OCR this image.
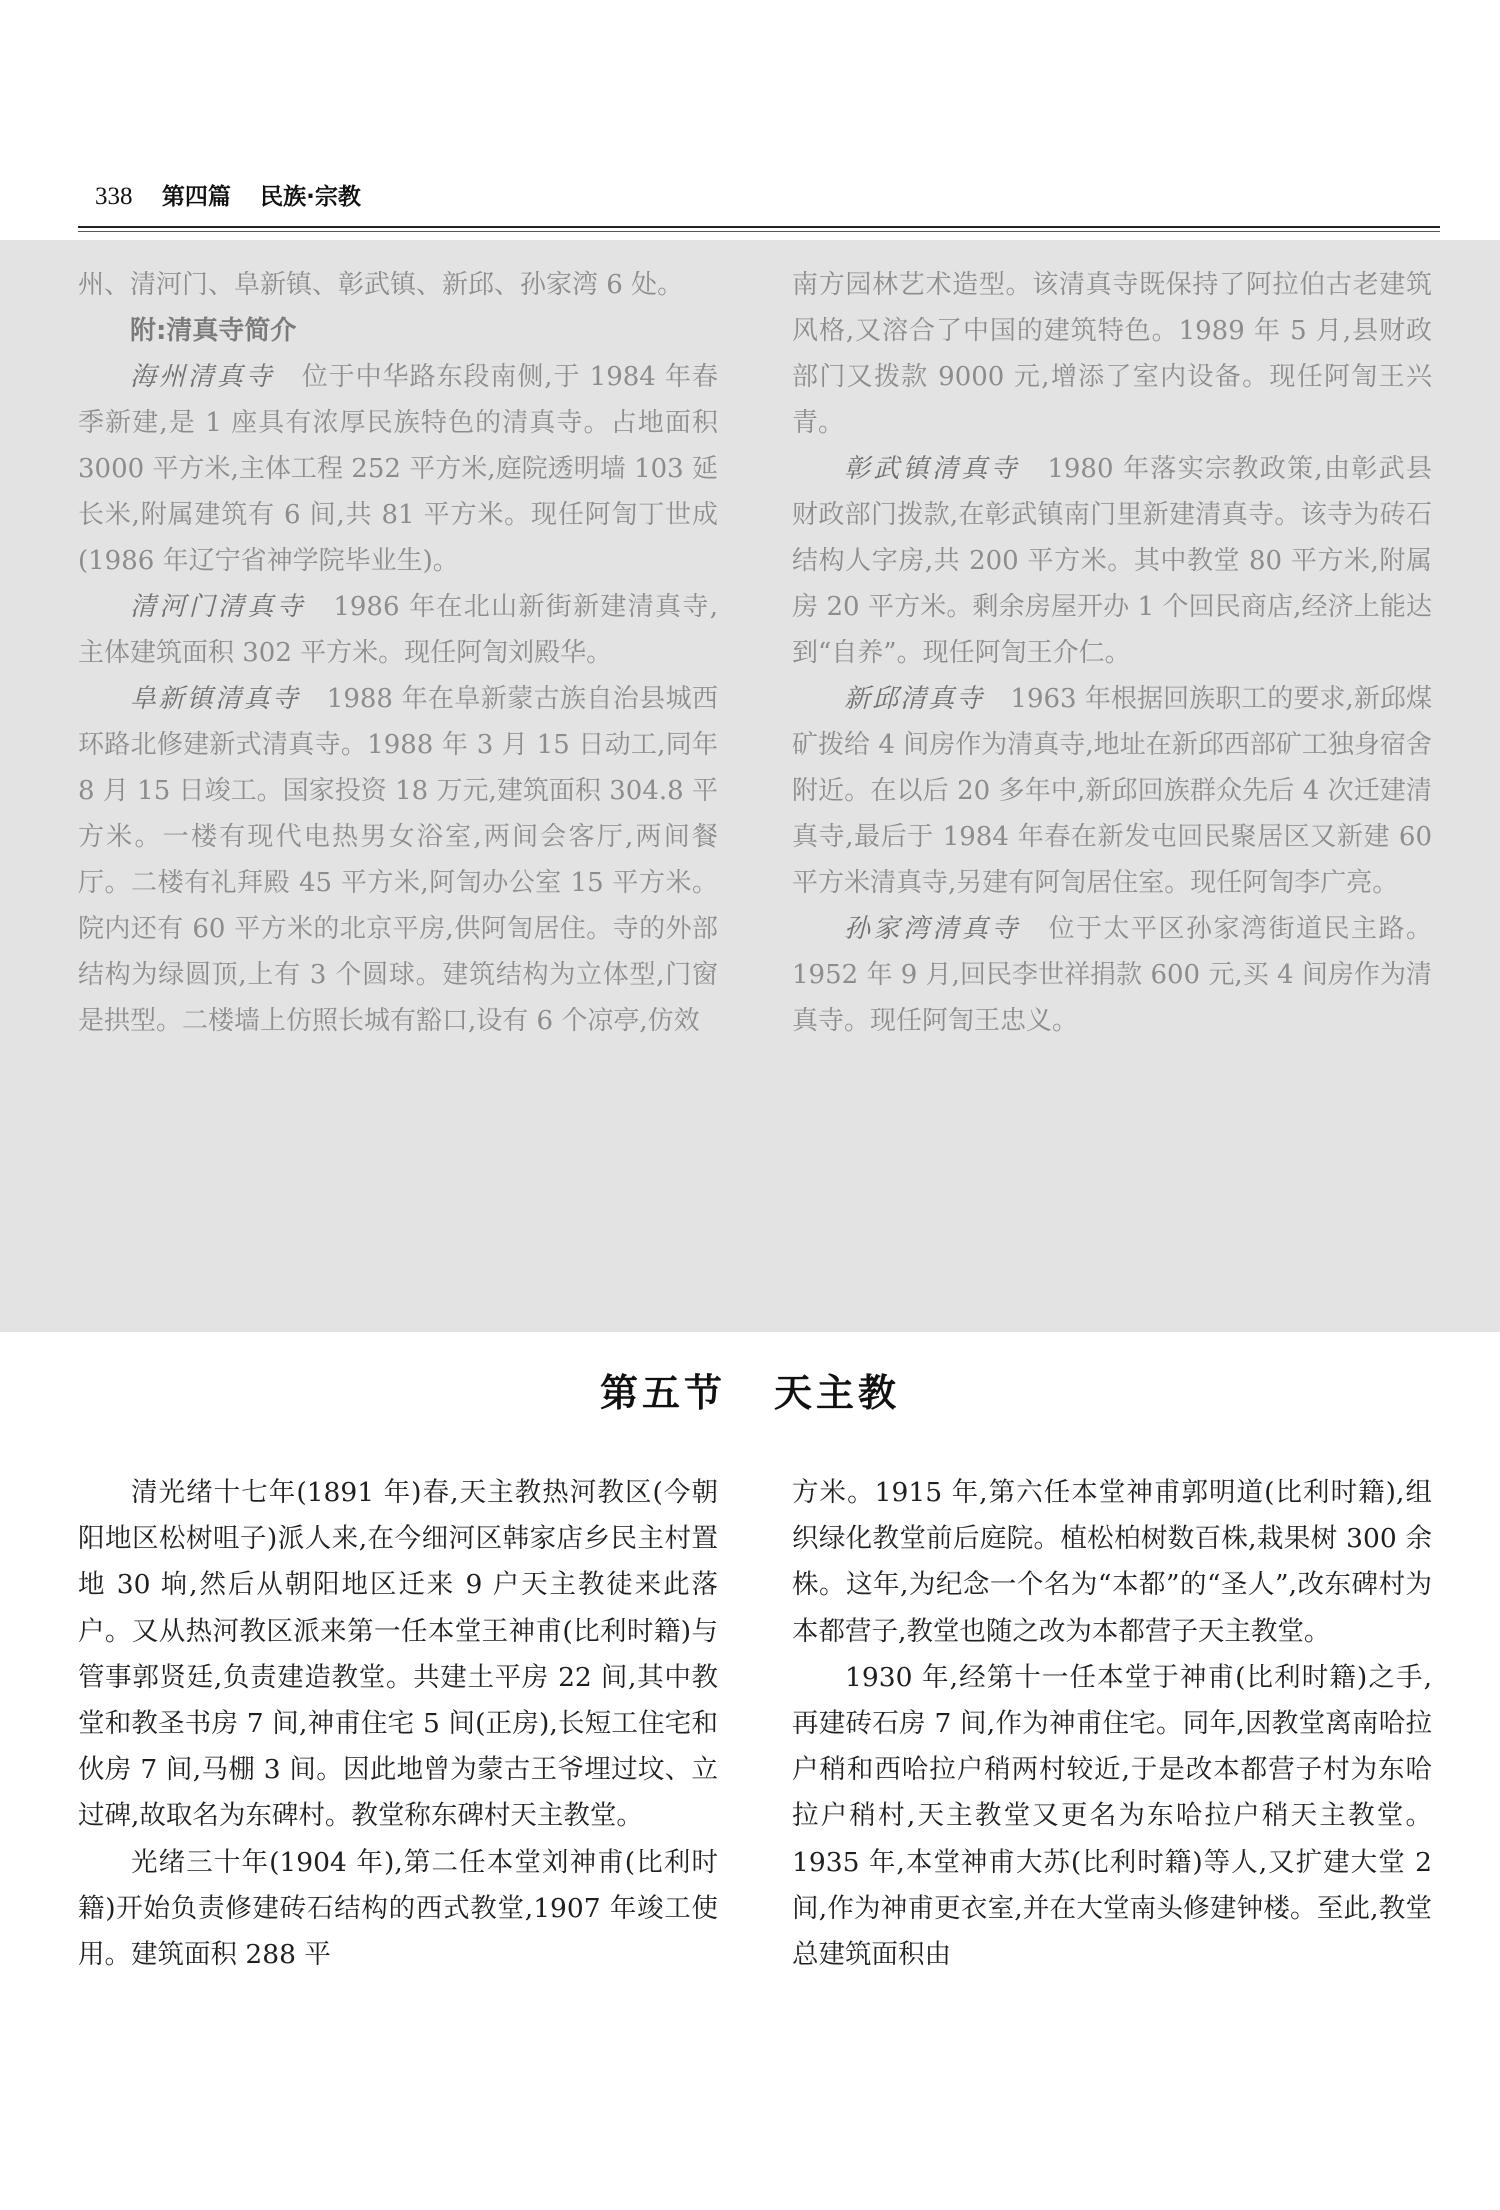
338 第四篇 民族·宗教

州、清河门、阜新镇、彰武镇、新邱、孙家湾 6 处。

附:清真寺简介

海州清真寺　 位于中华路东段南侧,于 1984 年春季新建,是 1 座具有浓厚民族特色的清真寺。占地面积 3000 平方米,主体工程 252 平方米,庭院透明墙 103 延长米,附属建筑有 6 间,共 81 平方米。现任阿訇丁世成(1986 年辽宁省神学院毕业生)。

清河门清真寺　 1986 年在北山新街新建清真寺,主体建筑面积 302 平方米。现任阿訇刘殿华。

阜新镇清真寺　 1988 年在阜新蒙古族自治县城西环路北修建新式清真寺。1988 年 3 月 15 日动工,同年 8 月 15 日竣工。国家投资 18 万元,建筑面积 304.8 平方米。一楼有现代电热男女浴室,两间会客厅,两间餐厅。二楼有礼拜殿 45 平方米,阿訇办公室 15 平方米。院内还有 60 平方米的北京平房,供阿訇居住。寺的外部结构为绿圆顶,上有 3 个圆球。建筑结构为立体型,门窗是拱型。二楼墙上仿照长城有豁口,设有 6 个凉亭,仿效

南方园林艺术造型。该清真寺既保持了阿拉伯古老建筑风格,又溶合了中国的建筑特色。1989 年 5 月,县财政部门又拨款 9000 元,增添了室内设备。现任阿訇王兴青。

彰武镇清真寺　 1980 年落实宗教政策,由彰武县财政部门拨款,在彰武镇南门里新建清真寺。该寺为砖石结构人字房,共 200 平方米。其中教堂 80 平方米,附属房 20 平方米。剩余房屋开办 1 个回民商店,经济上能达到“自养”。现任阿訇王介仁。

新邱清真寺　 1963 年根据回族职工的要求,新邱煤矿拨给 4 间房作为清真寺,地址在新邱西部矿工独身宿舍附近。在以后 20 多年中,新邱回族群众先后 4 次迁建清真寺,最后于 1984 年春在新发屯回民聚居区又新建 60 平方米清真寺,另建有阿訇居住室。现任阿訇李广亮。

孙家湾清真寺　 位于太平区孙家湾街道民主路。1952 年 9 月,回民李世祥捐款 600 元,买 4 间房作为清真寺。现任阿訇王忠义。

第五节 天主教

清光绪十七年(1891 年)春,天主教热河教区(今朝阳地区松树咀子)派人来,在今细河区韩家店乡民主村置地 30 垧,然后从朝阳地区迁来 9 户天主教徒来此落户。又从热河教区派来第一任本堂王神甫(比利时籍)与管事郭贤廷,负责建造教堂。共建土平房 22 间,其中教堂和教圣书房 7 间,神甫住宅 5 间(正房),长短工住宅和伙房 7 间,马棚 3 间。因此地曾为蒙古王爷埋过坟、立过碑,故取名为东碑村。教堂称东碑村天主教堂。

光绪三十年(1904 年),第二任本堂刘神甫(比利时籍)开始负责修建砖石结构的西式教堂,1907 年竣工使用。建筑面积 288 平

方米。1915 年,第六任本堂神甫郭明道(比利时籍),组织绿化教堂前后庭院。植松柏树数百株,栽果树 300 余株。这年,为纪念一个名为“本都”的“圣人”,改东碑村为本都营子,教堂也随之改为本都营子天主教堂。

1930 年,经第十一任本堂于神甫(比利时籍)之手,再建砖石房 7 间,作为神甫住宅。同年,因教堂离南哈拉户稍和西哈拉户稍两村较近,于是改本都营子村为东哈拉户稍村,天主教堂又更名为东哈拉户稍天主教堂。1935 年,本堂神甫大苏(比利时籍)等人,又扩建大堂 2 间,作为神甫更衣室,并在大堂南头修建钟楼。至此,教堂总建筑面积由
